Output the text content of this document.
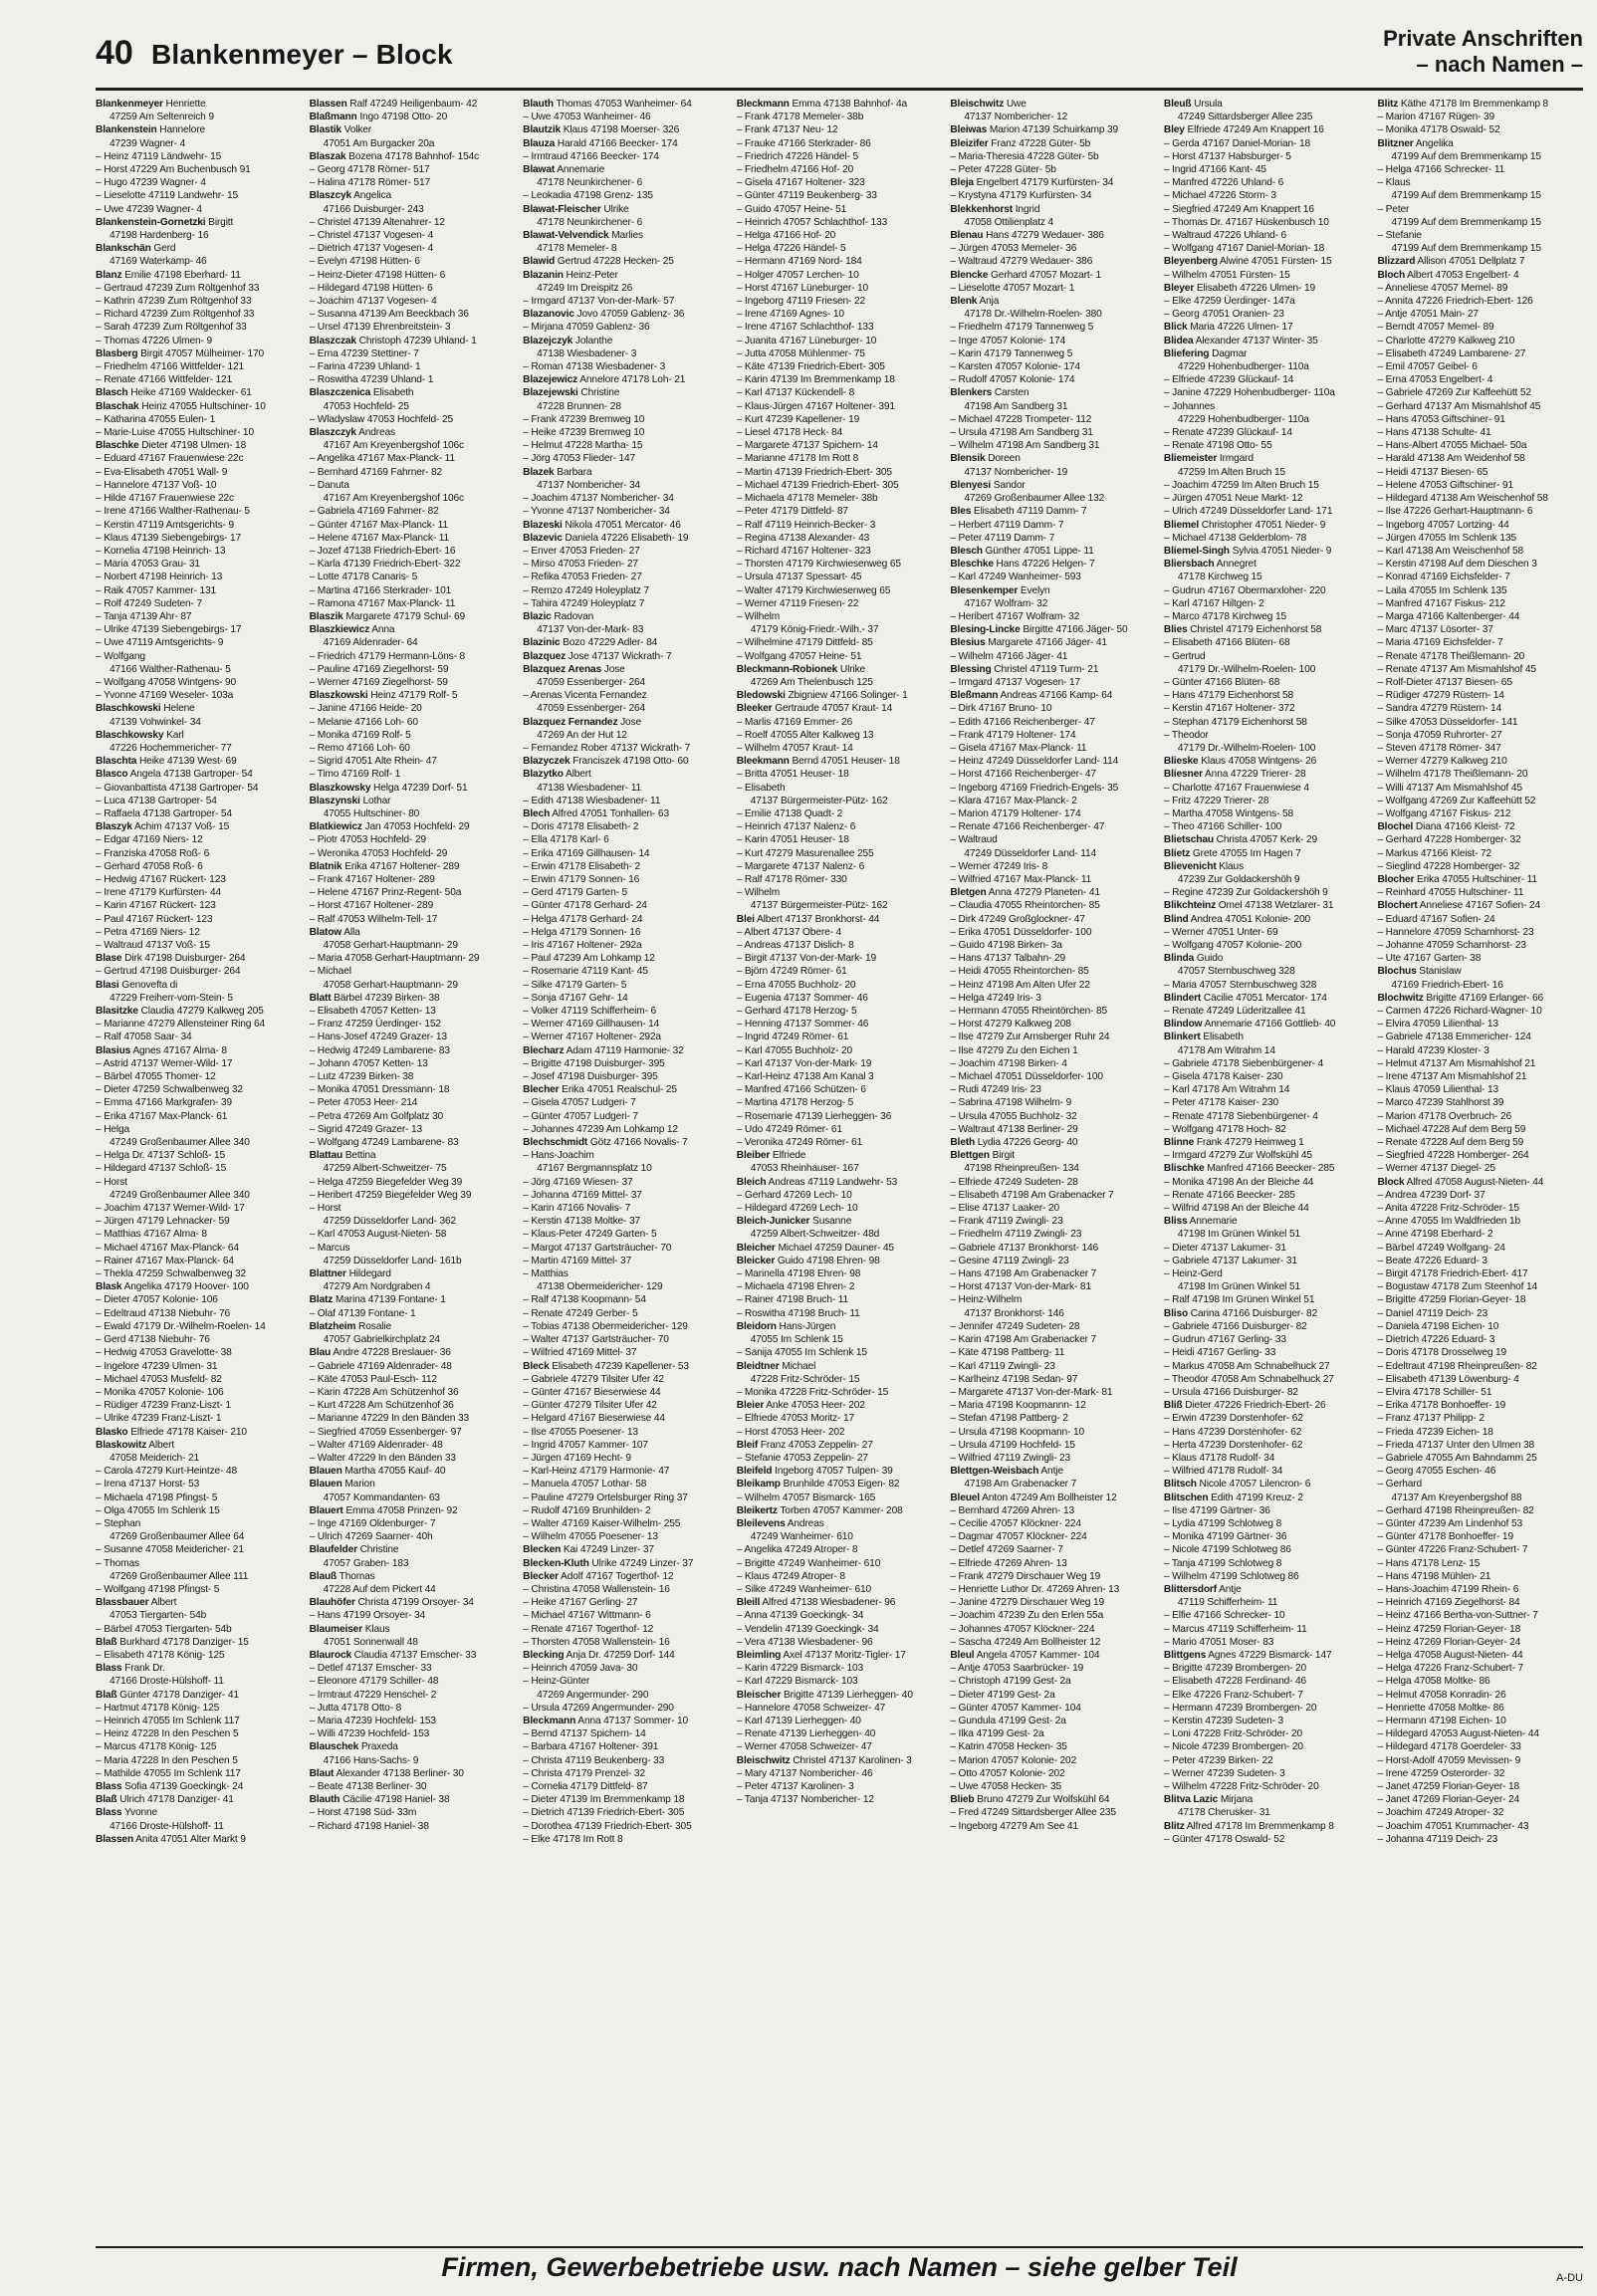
40 Blankenmeyer – Block
Private Anschriften
– nach Namen –
Blankenmeyer Henriette
47259 Am Seltenreich 9
Blankenstein Hannelore
47239 Wagner- 4
– Heinz 47119 Ländwehr- 15
– Horst 47229 Am Buchenbusch 91
– Hugo 47239 Wagner- 4
– Lieselotte 47119 Landwehr- 15
– Uwe 47239 Wagner- 4
Blankenstein-Gornetzki Birgitt
47198 Hardenberg- 16
Blankschän Gerd
47169 Waterkamp- 46
Blanz Emilie 47198 Eberhard- 11
– Gertraud 47239 Zum Röltgenhof 33
– Kathrin 47239 Zum Röltgenhof 33
– Richard 47239 Zum Röltgenhof 33
– Sarah 47239 Zum Röltgenhof 33
– Thomas 47226 Ulmen- 9
Blasberg Birgit 47057 Mülheimer- 170
– Friedhelm 47166 Wittfelder- 121
– Renate 47166 Wittfelder- 121
Blasch Heike 47169 Waldecker- 61
Blaschak Heinz 47055 Hultschiner- 10
– Katharina 47055 Eulen- 1
– Marie-Luise 47055 Hultschiner- 10
Blaschke Dieter 47198 Ulmen- 18
– Eduard 47167 Frauenwiese 22c
– Eva-Elisabeth 47051 Wall- 9
– Hannelore 47137 Voß- 10
– Hilde 47167 Frauenwiese 22c
– Irene 47166 Walther-Rathenau- 5
– Kerstin 47119 Amtsgerichts- 9
– Klaus 47139 Siebengebirgs- 17
– Kornelia 47198 Heinrich- 13
– Maria 47053 Grau- 31
– Norbert 47198 Heinrich- 13
– Raik 47057 Kammer- 131
– Rolf 47249 Sudeten- 7
– Tanja 47139 Ahr- 87
– Ulrike 47139 Siebengebirgs- 17
– Uwe 47119 Amtsgerichts- 9
– Wolfgang
47166 Walther-Rathenau- 5
– Wolfgang 47058 Wintgens- 90
– Yvonne 47169 Weseler- 103a
Blaschkowski Helene
47139 Vohwinkel- 34
Blaschkowsky Karl
47226 Hochemmericher- 77
Blaschta Heike 47139 West- 69
Blasco Angela 47138 Gartroper- 54
– Giovanbattista 47138 Gartroper- 54
– Luca 47138 Gartroper- 54
– Raffaela 47138 Gartroper- 54
Blaszyk Achim 47137 Voß- 15
– Edgar 47169 Niers- 12
– Franziska 47058 Roß- 6
– Gerhard 47058 Roß- 6
– Hedwig 47167 Rückert- 123
– Irene 47179 Kurfürsten- 44
– Karin 47167 Rückert- 123
– Paul 47167 Rückert- 123
– Petra 47169 Niers- 12
– Waltraud 47137 Voß- 15
Blase Dirk 47198 Duisburger- 264
– Gertrud 47198 Duisburger- 264
Blasi Genovefta di
47229 Freiherr-vom-Stein- 5
Blasitzke Claudia 47279 Kalkweg 205
– Marianne 47279 Allensteiner Ring 64
– Ralf 47058 Saar- 34
Blasius Agnes 47167 Alma- 8
– Astrid 47137 Werner-Wild- 17
– Bärbel 47055 Thomer- 12
– Dieter 47259 Schwalbenweg 32
– Emma 47166 Markgrafen- 39
– Erika 47167 Max-Planck- 61
– Helga
47249 Großenbaumer Allee 340
– Helga Dr. 47137 Schloß- 15
– Hildegard 47137 Schloß- 15
– Horst
47249 Großenbaumer Allee 340
– Joachim 47137 Werner-Wild- 17
– Jürgen 47179 Lehnacker- 59
– Matthias 47167 Alma- 8
– Michael 47167 Max-Planck- 64
– Rainer 47167 Max-Planck- 64
– Thekla 47259 Schwalbenweg 32
Blask Angelika 47179 Hoover- 100
– Dieter 47057 Kolonie- 106
– Edeltraud 47138 Niebuhr- 76
– Ewald 47179 Dr.-Wilhelm-Roelen- 14
– Gerd 47138 Niebuhr- 76
– Hedwig 47053 Gravelotte- 38
– Ingelore 47239 Ulmen- 31
– Michael 47053 Musfeld- 82
– Monika 47057 Kolonie- 106
– Rüdiger 47239 Franz-Liszt- 1
– Ulrike 47239 Franz-Liszt- 1
Blasko Elfriede 47178 Kaiser- 210
Blaskowitz Albert
47058 Meiderich- 21
– Carola 47279 Kurt-Heintze- 48
– Irena 47137 Horst- 53
– Michaela 47198 Pfingst- 5
– Olga 47055 Im Schlenk 15
– Stephan
47269 Großenbaumer Allee 64
– Susanne 47058 Meidericher- 21
– Thomas
47269 Großenbaumer Allee 111
– Wolfgang 47198 Pfingst- 5
Blassbauer Albert
47053 Tiergarten- 54b
– Bärbel 47053 Tiergarten- 54b
Blaß Burkhard 47178 Danziger- 15
– Elisabeth 47178 König- 125
Blass Frank Dr.
47166 Droste-Hülshoff- 11
Blaß Günter 47178 Danziger- 41
– Hartmut 47178 König- 125
– Heinrich 47055 Im Schlenk 117
– Heinz 47228 In den Peschen 5
– Marcus 47178 König- 125
– Maria 47228 In den Peschen 5
– Mathilde 47055 Im Schlenk 117
Blass Sofia 47139 Goeckingk- 24
Blaß Ulrich 47178 Danziger- 41
Blass Yvonne
47166 Droste-Hülshoff- 11
Blassen Anita 47051 Alter Markt 9
Blassen Ralf 47249 Heiligenbaum- 42
Blaßmann Ingo 47198 Otto- 20
Blastik Volker
47051 Am Burgacker 20a
Blaszak Bozena 47178 Bahnhof- 154c
– Georg 47178 Römer- 517
– Halina 47178 Römer- 517
Blaszcyk Angelica
47166 Duisburger- 243
– Christel 47139 Altenahrer- 12
– Christel 47137 Vogesen- 4
– Dietrich 47137 Vogesen- 4
– Evelyn 47198 Hütten- 6
– Heinz-Dieter 47198 Hütten- 6
– Hildegard 47198 Hütten- 6
– Joachim 47137 Vogesen- 4
– Susanna 47139 Am Beeckbach 36
– Ursel 47139 Ehrenbreitstein- 3
Blaszczak Christoph 47239 Uhland- 1
– Erna 47239 Stettiner- 7
– Farina 47239 Uhland- 1
– Roswitha 47239 Uhland- 1
Blaszczenica Elisabeth
47053 Hochfeld- 25
– Wladyslaw 47053 Hochfeld- 25
Blaszczyk Andreas
47167 Am Kreyenbergshof 106c
– Angelika 47167 Max-Planck- 11
– Bernhard 47169 Fahrner- 82
– Danuta
47167 Am Kreyenbergshof 106c
– Gabriela 47169 Fahrner- 82
– Günter 47167 Max-Planck- 11
– Helene 47167 Max-Planck- 11
– Jozef 47138 Friedrich-Ebert- 16
– Karla 47139 Friedrich-Ebert- 322
– Lotte 47178 Canaris- 5
– Martina 47166 Sterkrader- 101
– Ramona 47167 Max-Planck- 11
Blaszik Margarete 47179 Schul- 69
Blaszkiewicz Anna
47169 Aldenrader- 64
– Friedrich 47179 Hermann-Löns- 8
– Pauline 47169 Ziegelhorst- 59
– Werner 47169 Ziegelhorst- 59
Blaszkowski Heinz 47179 Rolf- 5
– Janine 47166 Heide- 20
– Melanie 47166 Loh- 60
– Monika 47169 Rolf- 5
– Remo 47166 Loh- 60
– Sigrid 47051 Alte Rhein- 47
– Timo 47169 Rolf- 1
Blaszkowsky Helga 47239 Dorf- 51
Blaszynski Lothar
47055 Hultschiner- 80
Blatkiewicz Jan 47053 Hochfeld- 29
– Piotr 47053 Hochfeld- 29
– Weronika 47053 Hochfeld- 29
Blatnik Erika 47167 Holtener- 289
– Frank 47167 Holtener- 289
– Helene 47167 Prinz-Regent- 50a
– Horst 47167 Holtener- 289
– Ralf 47053 Wilhelm-Tell- 17
Blatow Alla
47058 Gerhart-Hauptmann- 29
– Maria 47058 Gerhart-Hauptmann- 29
– Michael
47058 Gerhart-Hauptmann- 29
Blatt Bärbel 47239 Birken- 38
– Elisabeth 47057 Ketten- 13
– Franz 47259 Üerdinger- 152
– Hans-Josef 47249 Grazer- 13
– Hedwig 47249 Lambarene- 83
– Johann 47057 Ketten- 13
– Lutz 47239 Birken- 38
– Monika 47051 Dressmann- 18
– Peter 47053 Heer- 214
– Petra 47269 Am Golfplatz 30
– Sigrid 47249 Grazer- 13
– Wolfgang 47249 Lambarene- 83
Blattau Bettina
47259 Albert-Schweitzer- 75
– Helga 47259 Biegefelder Weg 39
– Heribert 47259 Biegefelder Weg 39
– Horst
47259 Düsseldorfer Land- 362
– Karl 47053 August-Nieten- 58
– Marcus
47259 Düsseldorfer Land- 161b
Blattner Hildegard
47279 Am Nordgraben 4
Blatz Marina 47139 Fontane- 1
– Olaf 47139 Fontane- 1
Blatzheim Rosalie
47057 Gabrielkirchplatz 24
Blau Andre 47228 Breslauer- 36
– Gabriele 47169 Aldenrader- 48
– Käte 47053 Paul-Esch- 112
– Karin 47228 Am Schützenhof 36
– Kurt 47228 Am Schützenhof 36
– Marianne 47229 In den Bänden 33
– Siegfried 47059 Essenberger- 97
– Walter 47169 Aldenrader- 48
– Walter 47229 In den Bänden 33
Blauen Martha 47055 Kauf- 40
Blauen Marion
47057 Kommandanten- 63
Blauert Emma 47058 Prinzen- 92
– Inge 47169 Oldenburger- 7
– Ulrich 47269 Saarner- 40h
Blaufelder Christine
47057 Graben- 183
Blauß Thomas
47228 Auf dem Pickert 44
Blauhöfer Christa 47199 Orsoyer- 34
– Hans 47199 Orsoyer- 34
Blaumeiser Klaus
47051 Sonnenwall 48
Blaurock Claudia 47137 Emscher- 33
– Detlef 47137 Emscher- 33
– Eleonore 47179 Schiller- 48
– Irmtraut 47229 Henschel- 2
– Jutta 47178 Otto- 8
– Maria 47239 Hochfeld- 153
– Willi 47239 Hochfeld- 153
Blauschek Praxeda
47166 Hans-Sachs- 9
Blaut Alexander 47138 Berliner- 30
– Beate 47138 Berliner- 30
Blauth Cäcilie 47198 Haniel- 38
– Horst 47198 Süd- 33m
– Richard 47198 Haniel- 38
Blauth Thomas 47053 Wanheimer- 64
– Uwe 47053 Wanheimer- 46
Blautzik Klaus 47198 Moerser- 326
Blauza Harald 47166 Beecker- 174
– Irmtraud 47166 Beecker- 174
Blawat Annemarie
47178 Neunkirchener- 6
– Leokadia 47198 Grenz- 135
Blawat-Fleischer Ulrike
47178 Neunkirchener- 6
Blawat-Velvendick Marlies
47178 Memeler- 8
Blawid Gertrud 47228 Hecken- 25
Blazanin Heinz-Peter
47249 Im Dreispitz 26
– Irmgard 47137 Von-der-Mark- 57
Blazanovic Jovo 47059 Gablenz- 36
– Mirjana 47059 Gablenz- 36
Blazejczyk Jolanthe
47138 Wiesbadener- 3
– Roman 47138 Wiesbadener- 3
Blazejewicz Annelore 47178 Loh- 21
Blazejewski Christine
47228 Brunnen- 28
– Frank 47239 Bremweg 10
– Heike 47239 Bremweg 10
– Helmut 47228 Martha- 15
– Jörg 47053 Flieder- 147
Blazek Barbara
47137 Nombericher- 34
– Joachim 47137 Nombericher- 34
– Yvonne 47137 Nombericher- 34
Blazeski Nikola 47051 Mercator- 46
Blazevic Daniela 47226 Elisabeth- 19
– Enver 47053 Frieden- 27
– Mirso 47053 Frieden- 27
– Refika 47053 Frieden- 27
– Remzo 47249 Holeyplatz 7
– Tahira 47249 Holeyplatz 7
Blazic Radovan
47137 Von-der-Mark- 83
Blazinic Bozo 47229 Adler- 84
Blazquez Jose 47137 Wickrath- 7
Blazquez Arenas Jose
47059 Essenberger- 264
– Arenas Vicenta Fernandez
47059 Essenberger- 264
Blazquez Fernandez Jose
47269 An der Hut 12
– Fernandez Rober 47137 Wickrath- 7
Blazyczek Franciszek 47198 Otto- 60
Blazytko Albert
47138 Wiesbadener- 11
– Edith 47138 Wiesbadener- 11
Blech Alfred 47051 Tonhallen- 63
– Doris 47178 Elisabeth- 2
– Ella 47178 Karl- 6
– Erika 47169 Gillhausen- 14
– Erwin 47178 Elisabeth- 2
– Erwin 47179 Sonnen- 16
– Gerd 47179 Garten- 5
– Günter 47178 Gerhard- 24
– Helga 47178 Gerhard- 24
– Helga 47179 Sonnen- 16
– Iris 47167 Holtener- 292a
– Paul 47239 Am Lohkamp 12
– Rosemarie 47119 Kant- 45
– Silke 47179 Garten- 5
– Sonja 47167 Gehr- 14
– Volker 47119 Schifferheim- 6
– Werner 47169 Gillhausen- 14
– Werner 47167 Holtener- 292a
Blecharz Adam 47119 Harmonie- 32
– Brigitte 47198 Duisburger- 395
– Josef 47198 Duisburger- 395
Blecher Erika 47051 Realschul- 25
– Gisela 47057 Ludgeri- 7
– Günter 47057 Ludgeri- 7
– Johannes 47239 Am Lohkamp 12
Blechschmidt Götz 47166 Novalis- 7
– Hans-Joachim
47167 Bergmannsplatz 10
– Jörg 47169 Wiesen- 37
– Johanna 47169 Mittel- 37
– Karin 47166 Novalis- 7
– Kerstin 47138 Moltke- 37
– Klaus-Peter 47249 Garten- 5
– Margot 47137 Gartsträucher- 70
– Martin 47169 Mittel- 37
– Matthias
47138 Obermeidericher- 129
– Ralf 47138 Koopmann- 54
– Renate 47249 Gerber- 5
– Tobias 47138 Obermeidericher- 129
– Walter 47137 Gartsträucher- 70
– Wilfried 47169 Mittel- 37
Bleck Elisabeth 47239 Kapellener- 53
– Gabriele 47279 Tilsiter Ufer 42
– Günter 47167 Bieserwiese 44
– Günter 47279 Tilsiter Ufer 42
– Helgard 47167 Bieserwiese 44
– Ilse 47055 Poesener- 13
– Ingrid 47057 Kammer- 107
– Jürgen 47169 Hecht- 9
– Karl-Heinz 47179 Harmonie- 47
– Manuela 47057 Lothar- 58
– Pauline 47279 Ortelsburger Ring 37
– Rudolf 47169 Brunhilden- 2
– Walter 47169 Kaiser-Wilhelm- 255
– Wilhelm 47055 Poesener- 13
Blecken Kai 47249 Linzer- 37
Blecken-Kluth Ulrike 47249 Linzer- 37
Blecker Adolf 47167 Togerthof- 12
– Christina 47058 Wallenstein- 16
– Heike 47167 Gerling- 27
– Michael 47167 Wittmann- 6
– Renate 47167 Togerthof- 12
– Thorsten 47058 Wallenstein- 16
Blecking Anja Dr. 47259 Dorf- 144
– Heinrich 47059 Java- 30
– Heinz-Günter
47269 Angermunder- 290
– Ursula 47269 Angermunder- 290
Bleckmann Anna 47137 Sommer- 10
– Bernd 47137 Spichern- 14
– Barbara 47167 Holtener- 391
– Christa 47119 Beukenberg- 33
– Christa 47179 Prenzel- 32
– Cornelia 47179 Dittfeld- 87
– Dieter 47139 Im Bremmenkamp 18
– Dietrich 47139 Friedrich-Ebert- 305
– Dorothea 47139 Friedrich-Ebert- 305
– Elke 47178 Im Rott 8
Bleckmann Emma 47138 Bahnhof- 4a
– Frank 47178 Memeler- 38b
– Frank 47137 Neu- 12
– Frauke 47166 Sterkrader- 86
– Friedrich 47226 Händel- 5
– Friedhelm 47166 Hof- 20
– Gisela 47167 Holtener- 323
– Günter 47119 Beukenberg- 33
– Guido 47057 Heine- 51
– Heinrich 47057 Schlachthof- 133
– Helga 47166 Hof- 20
– Helga 47226 Händel- 5
– Hermann 47169 Nord- 184
– Holger 47057 Lerchen- 10
– Horst 47167 Lüneburger- 10
– Ingeborg 47119 Friesen- 22
– Irene 47169 Agnes- 10
– Irene 47167 Schlachthof- 133
– Juanita 47167 Lüneburger- 10
– Jutta 47058 Mühlenmer- 75
– Käte 47139 Friedrich-Ebert- 305
– Karin 47139 Im Bremmenkamp 18
– Karl 47137 Kückendell- 8
– Klaus-Jürgen 47167 Holtener- 391
– Kurt 47239 Kapellener- 19
– Liesel 47178 Heck- 84
– Margarete 47137 Spichern- 14
– Marianne 47178 Im Rott 8
– Martin 47139 Friedrich-Ebert- 305
– Michael 47139 Friedrich-Ebert- 305
– Michaela 47178 Memeler- 38b
– Peter 47179 Dittfeld- 87
– Ralf 47119 Heinrich-Becker- 3
– Regina 47138 Alexander- 43
– Richard 47167 Holtener- 323
– Thorsten 47179 Kirchwiesenweg 65
– Ursula 47137 Spessart- 45
– Walter 47179 Kirchwiesenweg 65
– Werner 47119 Friesen- 22
– Wilhelm
47179 König-Friedr.-Wilh.- 37
– Wilhelmine 47179 Dittfeld- 85
– Wolfgang 47057 Heine- 51
Bleckmann-Robionek Ulrike
47269 Am Thelenbusch 125
Bledowski Zbigniew 47166 Solinger- 1
Bleeker Gertraude 47057 Kraut- 14
– Marlis 47169 Emmer- 26
– Roelf 47055 Alter Kalkweg 13
– Wilhelm 47057 Kraut- 14
Bleekmann Bernd 47051 Heuser- 18
– Britta 47051 Heuser- 18
– Elisabeth
47137 Bürgermeister-Pütz- 162
– Emilie 47138 Quadt- 2
– Heinrich 47137 Nalenz- 6
– Karin 47051 Heuser- 18
– Kurt 47279 Masurenallee 255
– Margarete 47137 Nalenz- 6
– Ralf 47178 Römer- 330
– Wilhelm
47137 Bürgermeister-Pütz- 162
Blei Albert 47137 Bronkhorst- 44
– Albert 47137 Obere- 4
– Andreas 47137 Dislich- 8
– Birgit 47137 Von-der-Mark- 19
– Björn 47249 Römer- 61
– Erna 47055 Buchholz- 20
– Eugenia 47137 Sommer- 46
– Gerhard 47178 Herzog- 5
– Henning 47137 Sommer- 46
– Ingrid 47249 Römer- 61
– Karl 47055 Buchholz- 20
– Karl 47137 Von-der-Mark- 19
– Karl-Heinz 47138 Am Kanal 3
– Manfred 47166 Schützen- 6
– Martina 47178 Herzog- 5
– Rosemarie 47139 Lierheggen- 36
– Udo 47249 Römer- 61
– Veronika 47249 Römer- 61
Bleiber Elfriede
47053 Rheinhauser- 167
Bleich Andreas 47119 Landwehr- 53
– Gerhard 47269 Lech- 10
– Hildegard 47269 Lech- 10
Bleich-Junicker Susanne
47259 Albert-Schweitzer- 48d
Bleicher Michael 47259 Dauner- 45
Bleicker Guido 47198 Ehren- 98
– Marinella 47198 Ehren- 98
– Michaela 47198 Ehren- 2
– Rainer 47198 Bruch- 11
– Roswitha 47198 Bruch- 11
Bleidorn Hans-Jürgen
47055 Im Schlenk 15
– Sanija 47055 Im Schlenk 15
Bleidtner Michael
47228 Fritz-Schröder- 15
– Monika 47228 Fritz-Schröder- 15
Bleier Anke 47053 Heer- 202
– Elfriede 47053 Moritz- 17
– Horst 47053 Heer- 202
Bleif Franz 47053 Zeppelin- 27
– Stefanie 47053 Zeppelin- 27
Bleifeld Ingeborg 47057 Tulpen- 39
Bleikamp Brunhilde 47053 Eigen- 82
– Wilhelm 47057 Bismarck- 165
Bleikertz Torben 47057 Kammer- 208
Bleilevens Andreas
47249 Wanheimer- 610
– Angelika 47249 Atroper- 8
– Brigitte 47249 Wanheimer- 610
– Klaus 47249 Atroper- 8
– Silke 47249 Wanheimer- 610
Bleill Alfred 47138 Wiesbadener- 96
– Anna 47139 Goeckingk- 34
– Vendelin 47139 Goeckingk- 34
– Vera 47138 Wiesbadener- 96
Bleimling Axel 47137 Moritz-Tigler- 17
– Karin 47229 Bismarck- 103
– Karl 47229 Bismarck- 103
Bleischer Brigitte 47139 Lierheggen- 40
– Hannelore 47058 Schweizer- 47
– Karl 47139 Lierheggen- 40
– Renate 47139 Lierheggen- 40
– Werner 47058 Schweizer- 47
Bleischwitz Christel 47137 Karolinen- 3
– Mary 47137 Nombericher- 46
– Peter 47137 Karolinen- 3
– Tanja 47137 Nombericher- 12
Bleischwitz Uwe
47137 Nombericher- 12
Bleiwas Marion 47139 Schuirkamp 39
Bleizifer Franz 47228 Güter- 5b
– Maria-Theresia 47228 Güter- 5b
– Peter 47228 Güter- 5b
Bleja Engelbert 47179 Kurfürsten- 34
– Krystyna 47179 Kurfürsten- 34
Blekkenhorst Ingrid
47058 Ottilienplatz 4
Blenau Hans 47279 Wedauer- 386
– Jürgen 47053 Memeler- 36
– Waltraud 47279 Wedauer- 386
Blencke Gerhard 47057 Mozart- 1
– Lieselotte 47057 Mozart- 1
Blenk Anja
47178 Dr.-Wilhelm-Roelen- 380
– Friedhelm 47179 Tannenweg 5
– Inge 47057 Kolonie- 174
– Karin 47179 Tannenweg 5
– Karsten 47057 Kolonie- 174
– Rudolf 47057 Kolonie- 174
Blenkers Carsten
47198 Am Sandberg 31
– Michael 47228 Trompeter- 112
– Ursula 47198 Am Sandberg 31
– Wilhelm 47198 Am Sandberg 31
Blensik Doreen
47137 Nombericher- 19
Blenyesi Sandor
47269 Großenbaumer Allee 132
Bles Elisabeth 47119 Damm- 7
– Herbert 47119 Damm- 7
– Peter 47119 Damm- 7
Blesch Günther 47051 Lippe- 11
Bleschke Hans 47226 Helgen- 7
– Karl 47249 Wanheimer- 593
Blesenkemper Evelyn
47167 Wolfram- 32
– Heribert 47167 Wolfram- 32
Blesing-Lincke Birgitte 47166 Jäger- 50
Blesius Margarete 47166 Jäger- 41
– Wilhelm 47166 Jäger- 41
Blessing Christel 47119 Turm- 21
– Irmgard 47137 Vogesen- 17
Bleßmann Andreas 47166 Kamp- 64
– Dirk 47167 Bruno- 10
– Edith 47166 Reichenberger- 47
– Frank 47179 Holtener- 174
– Gisela 47167 Max-Planck- 11
– Heinz 47249 Düsseldorfer Land- 114
– Horst 47166 Reichenberger- 47
– Ingeborg 47169 Friedrich-Engels- 35
– Klara 47167 Max-Planck- 2
– Marion 47179 Holtener- 174
– Renate 47166 Reichenberger- 47
– Waltraud
47249 Düsseldorfer Land- 114
– Werner 47249 Iris- 8
– Wilfried 47167 Max-Planck- 11
Bletgen Anna 47279 Planeten- 41
– Claudia 47055 Rheintorchen- 85
– Dirk 47249 Großglockner- 47
– Erika 47051 Düsseldorfer- 100
– Guido 47198 Birken- 3a
– Hans 47137 Talbahn- 29
– Heidi 47055 Rheintorchen- 85
– Heinz 47198 Am Alten Ufer 22
– Helga 47249 Iris- 3
– Hermann 47055 Rheintörchen- 85
– Horst 47279 Kalkweg 208
– Ilse 47279 Zur Arnsberger Ruhr 24
– Ilse 47279 Zu den Eichen 1
– Joachim 47198 Birken- 4
– Michael 47051 Düsseldorfer- 100
– Rudi 47249 Iris- 23
– Sabrina 47198 Wilhelm- 9
– Ursula 47055 Buchholz- 32
– Waltraut 47138 Berliner- 29
Bleth Lydia 47226 Georg- 40
Blettgen Birgit
47198 Rheinpreußen- 134
– Elfriede 47249 Sudeten- 28
– Elisabeth 47198 Am Grabenacker 7
– Elise 47137 Laaker- 20
– Frank 47119 Zwingli- 23
– Friedhelm 47119 Zwingli- 23
– Gabriele 47137 Bronkhorst- 146
– Gesine 47119 Zwingli- 23
– Hans 47198 Am Grabenacker 7
– Horst 47137 Von-der-Mark- 81
– Heinz-Wilhelm
47137 Bronkhorst- 146
– Jennifer 47249 Sudeten- 28
– Karin 47198 Am Grabenacker 7
– Käte 47198 Pattberg- 11
– Karl 47119 Zwingli- 23
– Karlheinz 47198 Sedan- 97
– Margarete 47137 Von-der-Mark- 81
– Maria 47198 Koopmannn- 12
– Stefan 47198 Pattberg- 2
– Ursula 47198 Koopmann- 10
– Ursula 47199 Hochfeld- 15
– Wilfried 47119 Zwingli- 23
Blettgen-Weisbach Antje
47198 Am Grabenacker 7
Bleuel Anton 47249 Am Bollheister 12
– Bernhard 47269 Ahren- 13
– Cecilie 47057 Klöckner- 224
– Dagmar 47057 Klöckner- 224
– Detlef 47269 Saarner- 7
– Elfriede 47269 Ahren- 13
– Frank 47279 Dirschauer Weg 19
– Henriette Luthor Dr. 47269 Ahren- 13
– Janine 47279 Dirschauer Weg 19
– Joachim 47239 Zu den Erlen 55a
– Johannes 47057 Klöckner- 224
– Sascha 47249 Am Bollheister 12
Bleul Angela 47057 Kammer- 104
– Antje 47053 Saarbrücker- 19
– Christoph 47199 Gest- 2a
– Dieter 47199 Gest- 2a
– Günter 47057 Kammer- 104
– Gundula 47199 Gest- 2a
– Ilka 47199 Gest- 2a
– Katrin 47058 Hecken- 35
– Marion 47057 Kolonie- 202
– Otto 47057 Kolonie- 202
– Uwe 47058 Hecken- 35
Blieb Bruno 47279 Zur Wolfskühl 64
– Fred 47249 Sittardsberger Allee 235
– Ingeborg 47279 Am See 41
Bleuß Ursula
47249 Sittardsberger Allee 235
Bley Elfriede 47249 Am Knappert 16
– Gerda 47167 Daniel-Morian- 18
– Horst 47137 Habsburger- 5
– Ingrid 47166 Kant- 45
– Manfred 47226 Uhland- 6
– Michael 47226 Storm- 3
– Siegfried 47249 Am Knappert 16
– Thomas Dr. 47167 Hüskenbusch 10
– Waltraud 47226 Uhland- 6
– Wolfgang 47167 Daniel-Morian- 18
Bleyenberg Alwine 47051 Fürsten- 15
– Wilhelm 47051 Fürsten- 15
Bleyer Elisabeth 47226 Ulmen- 19
– Elke 47259 Üerdinger- 147a
– Georg 47051 Oranien- 23
Blick Maria 47226 Ulmen- 17
Blidea Alexander 47137 Winter- 35
Bliefering Dagmar
47229 Hohenbudberger- 110a
– Elfriede 47239 Glückauf- 14
– Janine 47229 Hohenbudberger- 110a
– Johannes
47229 Hohenbudberger- 110a
– Renate 47239 Glückauf- 14
– Renate 47198 Otto- 55
Bliemeister Irmgard
47259 Im Alten Bruch 15
– Joachim 47259 Im Alten Bruch 15
– Jürgen 47051 Neue Markt- 12
– Ulrich 47249 Düsseldorfer Land- 171
Bliemel Christopher 47051 Nieder- 9
– Michael 47138 Gelderblom- 78
Bliemel-Singh Sylvia 47051 Nieder- 9
Bliersbach Annegret
47178 Kirchweg 15
– Gudrun 47167 Obermarxloher- 220
– Karl 47167 Hiltgen- 2
– Marco 47178 Kirchweg 15
Blies Christel 47179 Eichenhorst 58
– Elisabeth 47166 Blüten- 68
– Gertrud
47179 Dr.-Wilhelm-Roelen- 100
– Günter 47166 Blüten- 68
– Hans 47179 Eichenhorst 58
– Kerstin 47167 Holtener- 372
– Stephan 47179 Eichenhorst 58
– Theodor
47179 Dr.-Wilhelm-Roelen- 100
Blieske Klaus 47058 Wintgens- 26
Bliesner Anna 47229 Trierer- 28
– Charlotte 47167 Frauenwiese 4
– Fritz 47229 Trierer- 28
– Martha 47058 Wintgens- 58
– Theo 47166 Schiller- 100
Blietschau Christa 47057 Kerk- 29
Blietz Grete 47055 Im Hagen 7
Blievenicht Klaus
47239 Zur Goldackershöh 9
– Regine 47239 Zur Goldackershöh 9
Blikchteinz Omel 47138 Wetzlarer- 31
Blind Andrea 47051 Kolonie- 200
– Werner 47051 Unter- 69
– Wolfgang 47057 Kolonie- 200
Blinda Guido
47057 Sternbuschweg 328
– Maria 47057 Sternbuschweg 328
Blindert Cäcilie 47051 Mercator- 174
– Renate 47249 Lüderitzallee 41
Blindow Annemarie 47166 Gottlieb- 40
Blinkert Elisabeth
47178 Am Witrahm 14
– Gabriele 47178 Siebenbürgener- 4
– Gisela 47178 Kaiser- 230
– Karl 47178 Am Witrahm 14
– Peter 47178 Kaiser- 230
– Renate 47178 Siebenbürgener- 4
– Wolfgang 47178 Hoch- 82
Blinne Frank 47279 Heimweg 1
– Irmgard 47279 Zur Wolfskühl 45
Blischke Manfred 47166 Beecker- 285
– Monika 47198 An der Bleiche 44
– Renate 47166 Beecker- 285
– Wilfrid 47198 An der Bleiche 44
Bliss Annemarie
47198 Im Grünen Winkel 51
– Dieter 47137 Lakumer- 31
– Gabriele 47137 Lakumer- 31
– Heinz-Gerd
47198 Im Grünen Winkel 51
– Ralf 47198 Im Grünen Winkel 51
Bliso Carina 47166 Duisburger- 82
– Gabriele 47166 Duisburger- 82
– Gudrun 47167 Gerling- 33
– Heidi 47167 Gerling- 33
– Markus 47058 Am Schnabelhuck 27
– Theodor 47058 Am Schnabelhuck 27
– Ursula 47166 Duisburger- 82
Bliß Dieter 47226 Friedrich-Ebert- 26
– Erwin 47239 Dorstenhofer- 62
– Hans 47239 Dorstenhofer- 62
– Herta 47239 Dorstenhofer- 62
– Klaus 47178 Rudolf- 34
– Wilfried 47178 Rudolf- 34
Blitsch Nicole 47057 Lilencron- 6
Blitschen Edith 47199 Kreuz- 2
– Ilse 47199 Gärtner- 36
– Lydia 47199 Schlotweg 8
– Monika 47199 Gärtner- 36
– Nicole 47199 Schlotweg 86
– Tanja 47199 Schlotweg 8
– Wilhelm 47199 Schlotweg 86
Blittersdorf Antje
47119 Schifferheim- 11
– Elfie 47166 Schrecker- 10
– Marcus 47119 Schifferheim- 11
– Mario 47051 Moser- 83
Blittgens Agnes 47229 Bismarck- 147
– Brigitte 47239 Brombergen- 20
– Elisabeth 47228 Ferdinand- 46
– Elke 47226 Franz-Schubert- 7
– Hermann 47239 Brombergen- 20
– Kerstin 47239 Sudeten- 3
– Loni 47228 Fritz-Schröder- 20
– Nicole 47239 Brombergen- 20
– Peter 47239 Birken- 22
– Werner 47239 Sudeten- 3
– Wilhelm 47228 Fritz-Schröder- 20
Blitva Lazic Mirjana
47178 Cherusker- 31
Blitz Alfred 47178 Im Bremmenkamp 8
– Günter 47178 Oswald- 52
Blitz Käthe 47178 Im Bremmenkamp 8
– Marion 47167 Rügen- 39
– Monika 47178 Oswald- 52
Blitzner Angelika
47199 Auf dem Bremmenkamp 15
– Helga 47166 Schrecker- 11
– Klaus
47199 Auf dem Bremmenkamp 15
– Peter
47199 Auf dem Bremmenkamp 15
– Stefanie
47199 Auf dem Bremmenkamp 15
Blizzard Allison 47051 Dellplatz 7
Bloch Albert 47053 Engelbert- 4
– Anneliese 47057 Memel- 89
– Annita 47226 Friedrich-Ebert- 126
– Antje 47051 Main- 27
– Berndt 47057 Memel- 89
– Charlotte 47279 Kalkweg 210
– Elisabeth 47249 Lambarene- 27
– Emil 47057 Geibel- 6
– Erna 47053 Engelbert- 4
– Gabriele 47269 Zur Kaffeehütt 52
– Gerhard 47137 Am Mismahlshof 45
– Hans 47053 Giftschiner- 91
– Hans 47138 Schulte- 41
– Hans-Albert 47055 Michael- 50a
– Harald 47138 Am Weidenhof 58
– Heidi 47137 Biesen- 65
– Helene 47053 Giftschiner- 91
– Hildegard 47138 Am Weischenhof 58
– Ilse 47226 Gerhart-Hauptmann- 6
– Ingeborg 47057 Lortzing- 44
– Jürgen 47055 Im Schlenk 135
– Karl 47138 Am Weischenhof 58
– Kerstin 47198 Auf dem Dieschen 3
– Konrad 47169 Eichsfelder- 7
– Laila 47055 Im Schlenk 135
– Manfred 47167 Fiskus- 212
– Marga 47166 Kaltenberger- 44
– Marc 47137 Lösorter- 37
– Maria 47169 Eichsfelder- 7
– Renate 47178 Theißlemann- 20
– Renate 47137 Am Mismahlshof 45
– Rolf-Dieter 47137 Biesen- 65
– Rüdiger 47279 Rüstern- 14
– Sandra 47279 Rüstern- 14
– Silke 47053 Düsseldorfer- 141
– Sonja 47059 Ruhrorter- 27
– Steven 47178 Römer- 347
– Werner 47279 Kalkweg 210
– Wilhelm 47178 Theißlemann- 20
– Willi 47137 Am Mismahlshof 45
– Wolfgang 47269 Zur Kaffeehütt 52
– Wolfgang 47167 Fiskus- 212
Blochel Diana 47166 Kleist- 72
– Gerhard 47228 Homberger- 32
– Markus 47166 Kleist- 72
– Sieglind 47228 Homberger- 32
Blocher Erika 47055 Hultschiner- 11
– Reinhard 47055 Hultschiner- 11
Blochert Anneliese 47167 Sofien- 24
– Eduard 47167 Sofien- 24
– Hannelore 47059 Scharnhorst- 23
– Johanne 47059 Scharnhorst- 23
– Ute 47167 Garten- 38
Blochus Stanislaw
47169 Friedrich-Ebert- 16
Blochwitz Brigitte 47169 Erlanger- 66
– Carmen 47226 Richard-Wagner- 10
– Elvira 47059 Lilienthal- 13
– Gabriele 47138 Emmericher- 124
– Harald 47239 Kloster- 3
– Helmut 47137 Am Mismahlshof 21
– Irene 47137 Am Mismahlshof 21
– Klaus 47059 Lilienthal- 13
– Marco 47239 Stahlhorst 39
– Marion 47178 Overbruch- 26
– Michael 47228 Auf dem Berg 59
– Renate 47228 Auf dem Berg 59
– Siegfried 47228 Homberger- 264
– Werner 47137 Diegel- 25
Block Alfred 47058 August-Nieten- 44
– Andrea 47239 Dorf- 37
– Anita 47228 Fritz-Schröder- 15
– Anne 47055 Im Waldfrieden 1b
– Anne 47198 Eberhard- 2
– Bärbel 47249 Wolfgang- 24
– Beate 47226 Eduard- 3
– Birgit 47178 Friedrich-Ebert- 417
– Bogustaw 47178 Zum Steenhof 14
– Brigitte 47259 Florian-Geyer- 18
– Daniel 47119 Deich- 23
– Daniela 47198 Eichen- 10
– Dietrich 47226 Eduard- 3
– Doris 47178 Drosselweg 19
– Edeltraut 47198 Rheinpreußen- 82
– Elisabeth 47139 Löwenburg- 4
– Elvira 47178 Schiller- 51
– Erika 47178 Bonhoeffer- 19
– Franz 47137 Philipp- 2
– Frieda 47239 Eichen- 18
– Frieda 47137 Unter den Ulmen 38
– Gabriele 47055 Am Bahndamm 25
– Georg 47055 Eschen- 46
– Gerhard
47137 Am Kreyenbergshof 88
– Gerhard 47198 Rheinpreußen- 82
– Günter 47239 Am Lindenhof 53
– Günter 47178 Bonhoeffer- 19
– Günter 47226 Franz-Schubert- 7
– Hans 47178 Lenz- 15
– Hans 47198 Mühlen- 21
– Hans-Joachim 47199 Rhein- 6
– Heinrich 47169 Ziegelhorst- 84
– Heinz 47166 Bertha-von-Suttner- 7
– Heinz 47259 Florian-Geyer- 18
– Heinz 47269 Florian-Geyer- 24
– Helga 47058 August-Nieten- 44
– Helga 47226 Franz-Schubert- 7
– Helga 47058 Moltke- 86
– Helmut 47058 Konradin- 26
– Henriette 47058 Moltke- 86
– Hermann 47198 Eichen- 10
– Hildegard 47053 August-Nieten- 44
– Hildegard 47178 Goerdeler- 33
– Horst-Adolf 47059 Mevissen- 9
– Irene 47259 Osterorder- 32
– Janet 47259 Florian-Geyer- 18
– Janet 47269 Florian-Geyer- 24
– Joachim 47249 Atroper- 32
– Joachim 47051 Krummacher- 43
– Johanna 47119 Deich- 23
Firmen, Gewerbebetriebe usw. nach Namen – siehe gelber Teil	A-DU
